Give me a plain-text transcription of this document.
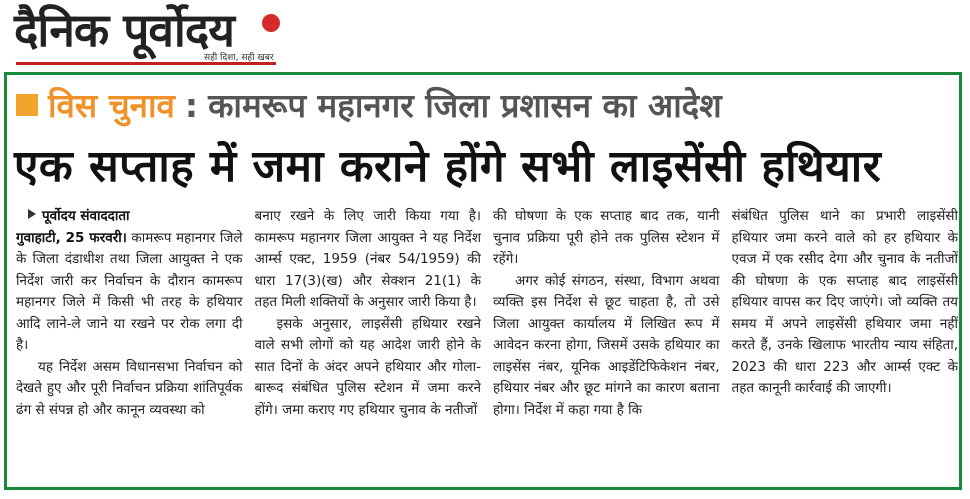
दैनिक पूर्वोदय
सही दिशा, सही खबर
विस चुनाव : कामरूप महानगर जिला प्रशासन का आदेश
एक सप्ताह में जमा कराने होंगे सभी लाइसेंसी हथियार
पूर्वोदय संवाददाता

गुवाहाटी, 25 फरवरी। कामरूप महानगर जिले के जिला दंडाधीश तथा जिला आयुक्त ने एक निर्देश जारी कर निर्वाचन के दौरान कामरूप महानगर जिले में किसी भी तरह के हथियार आदि लाने-ले जाने या रखने पर रोक लगा दी है।

यह निर्देश असम विधानसभा निर्वाचन को देखते हुए और पूरी निर्वाचन प्रक्रिया शांतिपूर्वक ढंग से संपन्न हो और कानून व्यवस्था को

बनाए रखने के लिए जारी किया गया है। कामरूप महानगर जिला आयुक्त ने यह निर्देश आर्म्स एक्ट, 1959 (नंबर 54/1959) की धारा 17(3)(ख) और सेक्शन 21(1) के तहत मिली शक्तियों के अनुसार जारी किया है।

इसके अनुसार, लाइसेंसी हथियार रखने वाले सभी लोगों को यह आदेश जारी होने के सात दिनों के अंदर अपने हथियार और गोला-बारूद संबंधित पुलिस स्टेशन में जमा करने होंगे। जमा कराए गए हथियार चुनाव के नतीजों

की घोषणा के एक सप्ताह बाद तक, यानी चुनाव प्रक्रिया पूरी होने तक पुलिस स्टेशन में रहेंगे।

अगर कोई संगठन, संस्था, विभाग अथवा व्यक्ति इस निर्देश से छूट चाहता है, तो उसे जिला आयुक्त कार्यालय में लिखित रूप में आवेदन करना होगा, जिसमें उसके हथियार का लाइसेंस नंबर, यूनिक आइडेंटिफिकेशन नंबर, हथियार नंबर और छूट मांगने का कारण बताना होगा। निर्देश में कहा गया है कि

संबंधित पुलिस थाने का प्रभारी लाइसेंसी हथियार जमा करने वाले को हर हथियार के एवज में एक रसीद देगा और चुनाव के नतीजों की घोषणा के एक सप्ताह बाद लाइसेंसी हथियार वापस कर दिए जाएंगे। जो व्यक्ति तय समय में अपने लाइसेंसी हथियार जमा नहीं करते हैं, उनके खिलाफ भारतीय न्याय संहिता, 2023 की धारा 223 और आर्म्स एक्ट के तहत कानूनी कार्रवाई की जाएगी।
